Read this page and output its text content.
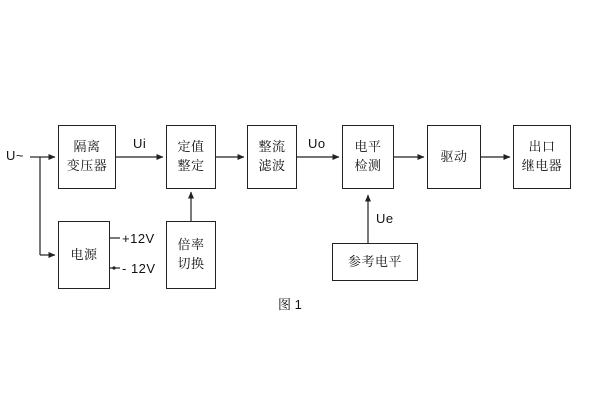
U~
隔离
变压器
定值
整定
整流
滤波
电平
检测
驱动
出口
继电器
电源
倍率
切换	参考电平
Ui	Uo
Ue
+12V
- 12V
图 1
